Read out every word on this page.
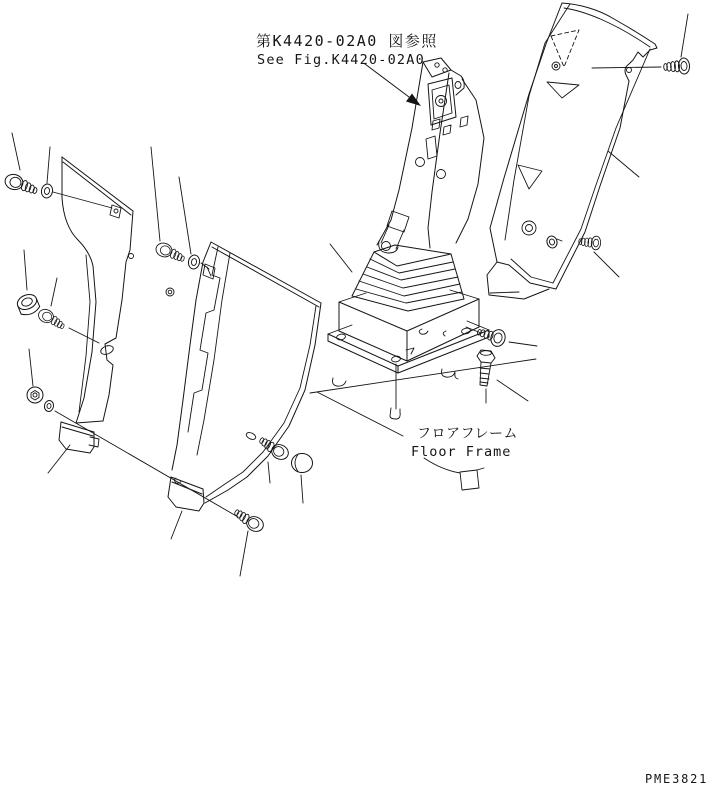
第K4420-02A0 図参照
See Fig.K4420-02A0
フロアフレーム
Floor Frame
PME3821
